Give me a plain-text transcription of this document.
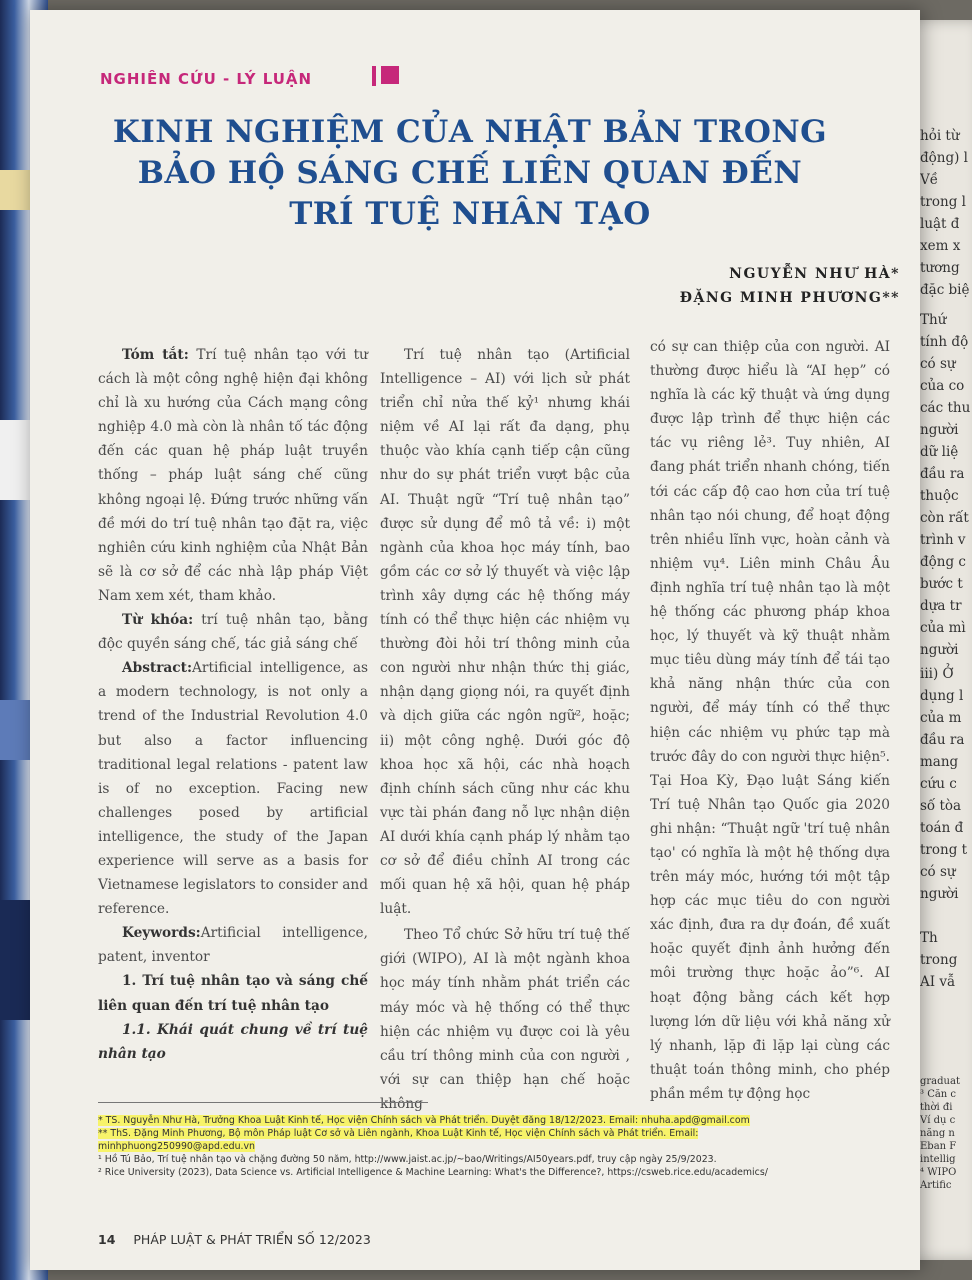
hỏi từ
động) l
Về
trong l
luật đ
xem x
tương
đặc biệ
Thứ
tính độ
có sự
của co
các thu
người
dữ liệ
đầu ra
thuộc
còn rất
trình v
động c
bước t
dựa tr
của mì
người
iii) Ở
dụng l
của m
đầu ra
mang
cứu c
số tòa
toán đ
trong t
có sự
người
Th
trong
AI vẫ
graduat
³ Căn c
thời đi
Ví dụ c
năng n
Eban F
intellig
⁴ WIPO
Artific
NGHIÊN CỨU - LÝ LUẬN
KINH NGHIỆM CỦA NHẬT BẢN TRONG
BẢO HỘ SÁNG CHẾ LIÊN QUAN ĐẾN
TRÍ TUỆ NHÂN TẠO
NGUYỄN NHƯ HÀ*
ĐẶNG MINH PHƯƠNG**

Tóm tắt: Trí tuệ nhân tạo với tư cách là một công nghệ hiện đại không chỉ là xu hướng của Cách mạng công nghiệp 4.0 mà còn là nhân tố tác động đến các quan hệ pháp luật truyền thống – pháp luật sáng chế cũng không ngoại lệ. Đứng trước những vấn đề mới do trí tuệ nhân tạo đặt ra, việc nghiên cứu kinh nghiệm của Nhật Bản sẽ là cơ sở để các nhà lập pháp Việt Nam xem xét, tham khảo.

Từ khóa: trí tuệ nhân tạo, bằng độc quyền sáng chế, tác giả sáng chế

Abstract:Artificial intelligence, as a modern technology, is not only a trend of the Industrial Revolution 4.0 but also a factor influencing traditional legal relations - patent law is of no exception. Facing new challenges posed by artificial intelligence, the study of the Japan experience will serve as a basis for Vietnamese legislators to consider and reference.

Keywords:Artificial intelligence, patent, inventor

1. Trí tuệ nhân tạo và sáng chế liên quan đến trí tuệ nhân tạo

1.1. Khái quát chung về trí tuệ nhân tạo

Trí tuệ nhân tạo (Artificial Intelligence – AI) với lịch sử phát triển chỉ nửa thế kỷ¹ nhưng khái niệm về AI lại rất đa dạng, phụ thuộc vào khía cạnh tiếp cận cũng như do sự phát triển vượt bậc của AI. Thuật ngữ “Trí tuệ nhân tạo” được sử dụng để mô tả về: i) một ngành của khoa học máy tính, bao gồm các cơ sở lý thuyết và việc lập trình xây dựng các hệ thống máy tính có thể thực hiện các nhiệm vụ thường đòi hỏi trí thông minh của con người như nhận thức thị giác, nhận dạng giọng nói, ra quyết định và dịch giữa các ngôn ngữ², hoặc; ii) một công nghệ. Dưới góc độ khoa học xã hội, các nhà hoạch định chính sách cũng như các khu vực tài phán đang nỗ lực nhận diện AI dưới khía cạnh pháp lý nhằm tạo cơ sở để điều chỉnh AI trong các mối quan hệ xã hội, quan hệ pháp luật.

Theo Tổ chức Sở hữu trí tuệ thế giới (WIPO), AI là một ngành khoa học máy tính nhằm phát triển các máy móc và hệ thống có thể thực hiện các nhiệm vụ được coi là yêu cầu trí thông minh của con người , với sự can thiệp hạn chế hoặc không

có sự can thiệp của con người. AI thường được hiểu là “AI hẹp” có nghĩa là các kỹ thuật và ứng dụng được lập trình để thực hiện các tác vụ riêng lẻ³. Tuy nhiên, AI đang phát triển nhanh chóng, tiến tới các cấp độ cao hơn của trí tuệ nhân tạo nói chung, để hoạt động trên nhiều lĩnh vực, hoàn cảnh và nhiệm vụ⁴. Liên minh Châu Âu định nghĩa trí tuệ nhân tạo là một hệ thống các phương pháp khoa học, lý thuyết và kỹ thuật nhằm mục tiêu dùng máy tính để tái tạo khả năng nhận thức của con người, để máy tính có thể thực hiện các nhiệm vụ phức tạp mà trước đây do con người thực hiện⁵. Tại Hoa Kỳ, Đạo luật Sáng kiến Trí tuệ Nhân tạo Quốc gia 2020 ghi nhận: “Thuật ngữ 'trí tuệ nhân tạo' có nghĩa là một hệ thống dựa trên máy móc, hướng tới một tập hợp các mục tiêu do con người xác định, đưa ra dự đoán, đề xuất hoặc quyết định ảnh hưởng đến môi trường thực hoặc ảo”⁶. AI hoạt động bằng cách kết hợp lượng lớn dữ liệu với khả năng xử lý nhanh, lặp đi lặp lại cùng các thuật toán thông minh, cho phép phần mềm tự động học

* TS. Nguyễn Như Hà, Trưởng Khoa Luật Kinh tế, Học viện Chính sách và Phát triển. Duyệt đăng 18/12/2023. Email: nhuha.apd@gmail.com
** ThS. Đặng Minh Phương, Bộ môn Pháp luật Cơ sở và Liên ngành, Khoa Luật Kinh tế, Học viện Chính sách và Phát triển. Email:
minhphuong250990@apd.edu.vn
¹ Hồ Tú Bảo, Trí tuệ nhân tạo và chặng đường 50 năm, http://www.jaist.ac.jp/~bao/Writings/AI50years.pdf, truy cập ngày 25/9/2023.
² Rice University (2023), Data Science vs. Artificial Intelligence & Machine Learning: What's the Difference?, https://csweb.rice.edu/academics/
14 PHÁP LUẬT & PHÁT TRIỂN SỐ 12/2023
